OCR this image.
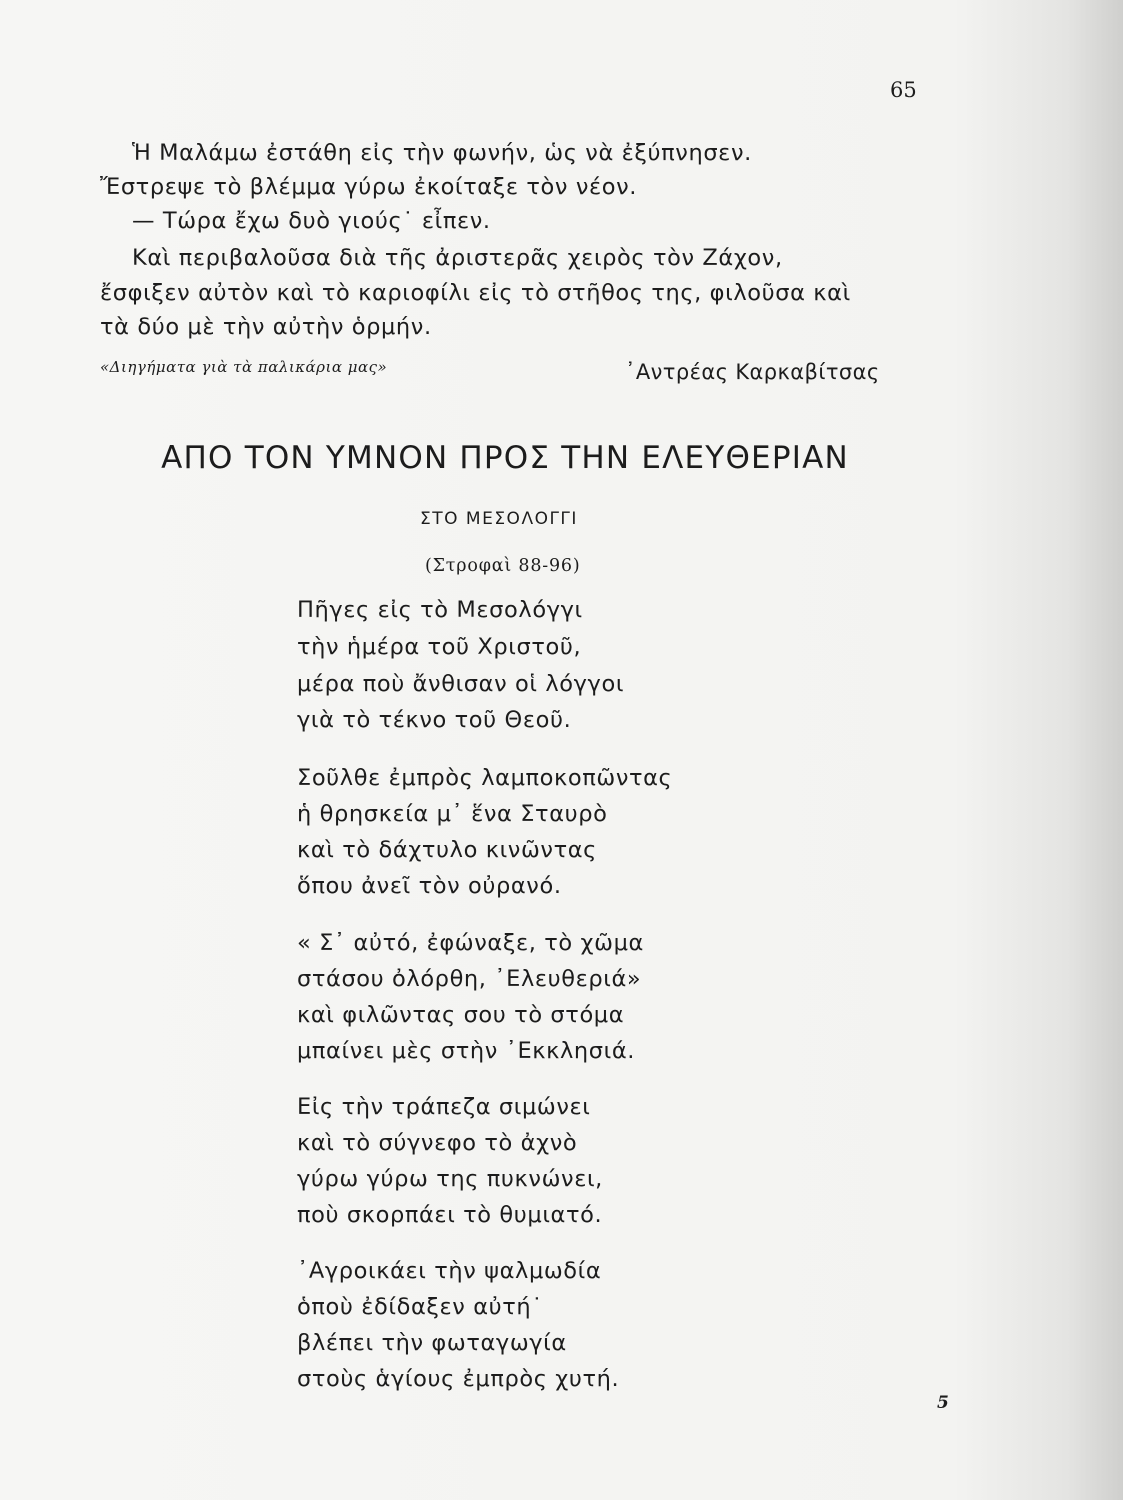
65
Ἡ Μαλάμω ἐστάθη εἰς τὴν φωνήν, ὡς νὰ ἐξύπνησεν.
Ἔστρεψε τὸ βλέμμα γύρω ἐκοίταξε τὸν νέον.
— Τώρα ἔχω δυὸ γιούς˙ εἶπεν.
Καὶ περιβαλοῦσα διὰ τῆς ἀριστερᾶς χειρὸς τὸν Ζάχον,
ἔσφιξεν αὐτὸν καὶ τὸ καριοφίλι εἰς τὸ στῆθος της, φιλοῦσα καὶ
τὰ δύο μὲ τὴν αὐτὴν ὁρμήν.
«Διηγήματα γιὰ τὰ παλικάρια μας»	᾿Αντρέας Καρκαβίτσας
ΑΠΟ ΤΟΝ ΥΜΝΟΝ ΠΡΟΣ ΤΗΝ ΕΛΕΥΘΕΡΙΑΝ
ΣΤΟ ΜΕΣΟΛΟΓΓΙ
(Στροφαὶ 88-96)
Πῆγες εἰς τὸ Μεσολόγγι
τὴν ἡμέρα τοῦ Χριστοῦ,
μέρα ποὺ ἄνθισαν οἱ λόγγοι
γιὰ τὸ τέκνο τοῦ Θεοῦ.
Σοῦλθε ἐμπρὸς λαμποκοπῶντας
ἡ θρησκεία μ᾿ ἕνα Σταυρὸ
καὶ τὸ δάχτυλο κινῶντας
ὅπου ἀνεῖ τὸν οὐρανό.
« Σ᾿ αὐτό, ἐφώναξε, τὸ χῶμα
στάσου ὀλόρθη, ᾿Ελευθεριά»
καὶ φιλῶντας σου τὸ στόμα
μπαίνει μὲς στὴν ᾿Εκκλησιά.
Εἰς τὴν τράπεζα σιμώνει
καὶ τὸ σύγνεφο τὸ ἀχνὸ
γύρω γύρω της πυκνώνει,
ποὺ σκορπάει τὸ θυμιατό.
᾿Αγροικάει τὴν ψαλμωδία
ὁποὺ ἐδίδαξεν αὐτή˙
βλέπει τὴν φωταγωγία
στοὺς ἁγίους ἐμπρὸς χυτή.
5
